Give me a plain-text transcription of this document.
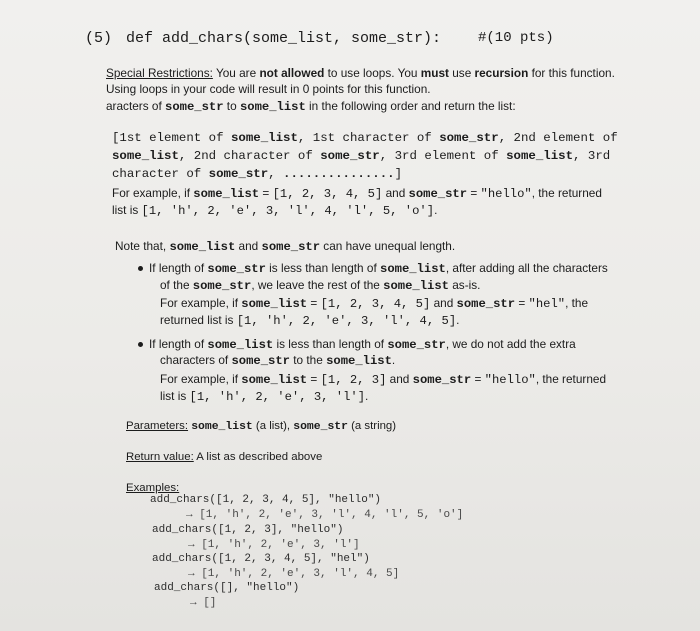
(5) def add_chars(some_list, some_str):	#(10 pts)
Special Restrictions: You are not allowed to use loops. You must use recursion for this function.
Using loops in your code will result in 0 points for this function.
aracters of some_str to some_list in the following order and return the list:
[1st element of some_list, 1st character of some_str, 2nd element of
some_list, 2nd character of some_str, 3rd element of some_list, 3rd
character of some_str, ...............]
For example, if some_list = [1, 2, 3, 4, 5] and some_str = "hello", the returned
list is [1, 'h', 2, 'e', 3, 'l', 4, 'l', 5, 'o'].
Note that, some_list and some_str can have unequal length.
If length of some_str is less than length of some_list, after adding all the characters
of the some_str, we leave the rest of the some_list as-is.
For example, if some_list = [1, 2, 3, 4, 5] and some_str = "hel", the
returned list is [1, 'h', 2, 'e', 3, 'l', 4, 5].
If length of some_list is less than length of some_str, we do not add the extra
characters of some_str to the some_list.
For example, if some_list = [1, 2, 3] and some_str = "hello", the returned
list is [1, 'h', 2, 'e', 3, 'l'].
Parameters: some_list (a list), some_str (a string)
Return value: A list as described above
Examples:
add_chars([1, 2, 3, 4, 5], "hello")
→ [1, 'h', 2, 'e', 3, 'l', 4, 'l', 5, 'o']
add_chars([1, 2, 3], "hello")
→ [1, 'h', 2, 'e', 3, 'l']
add_chars([1, 2, 3, 4, 5], "hel")
→ [1, 'h', 2, 'e', 3, 'l', 4, 5]
add_chars([], "hello")
→ []
